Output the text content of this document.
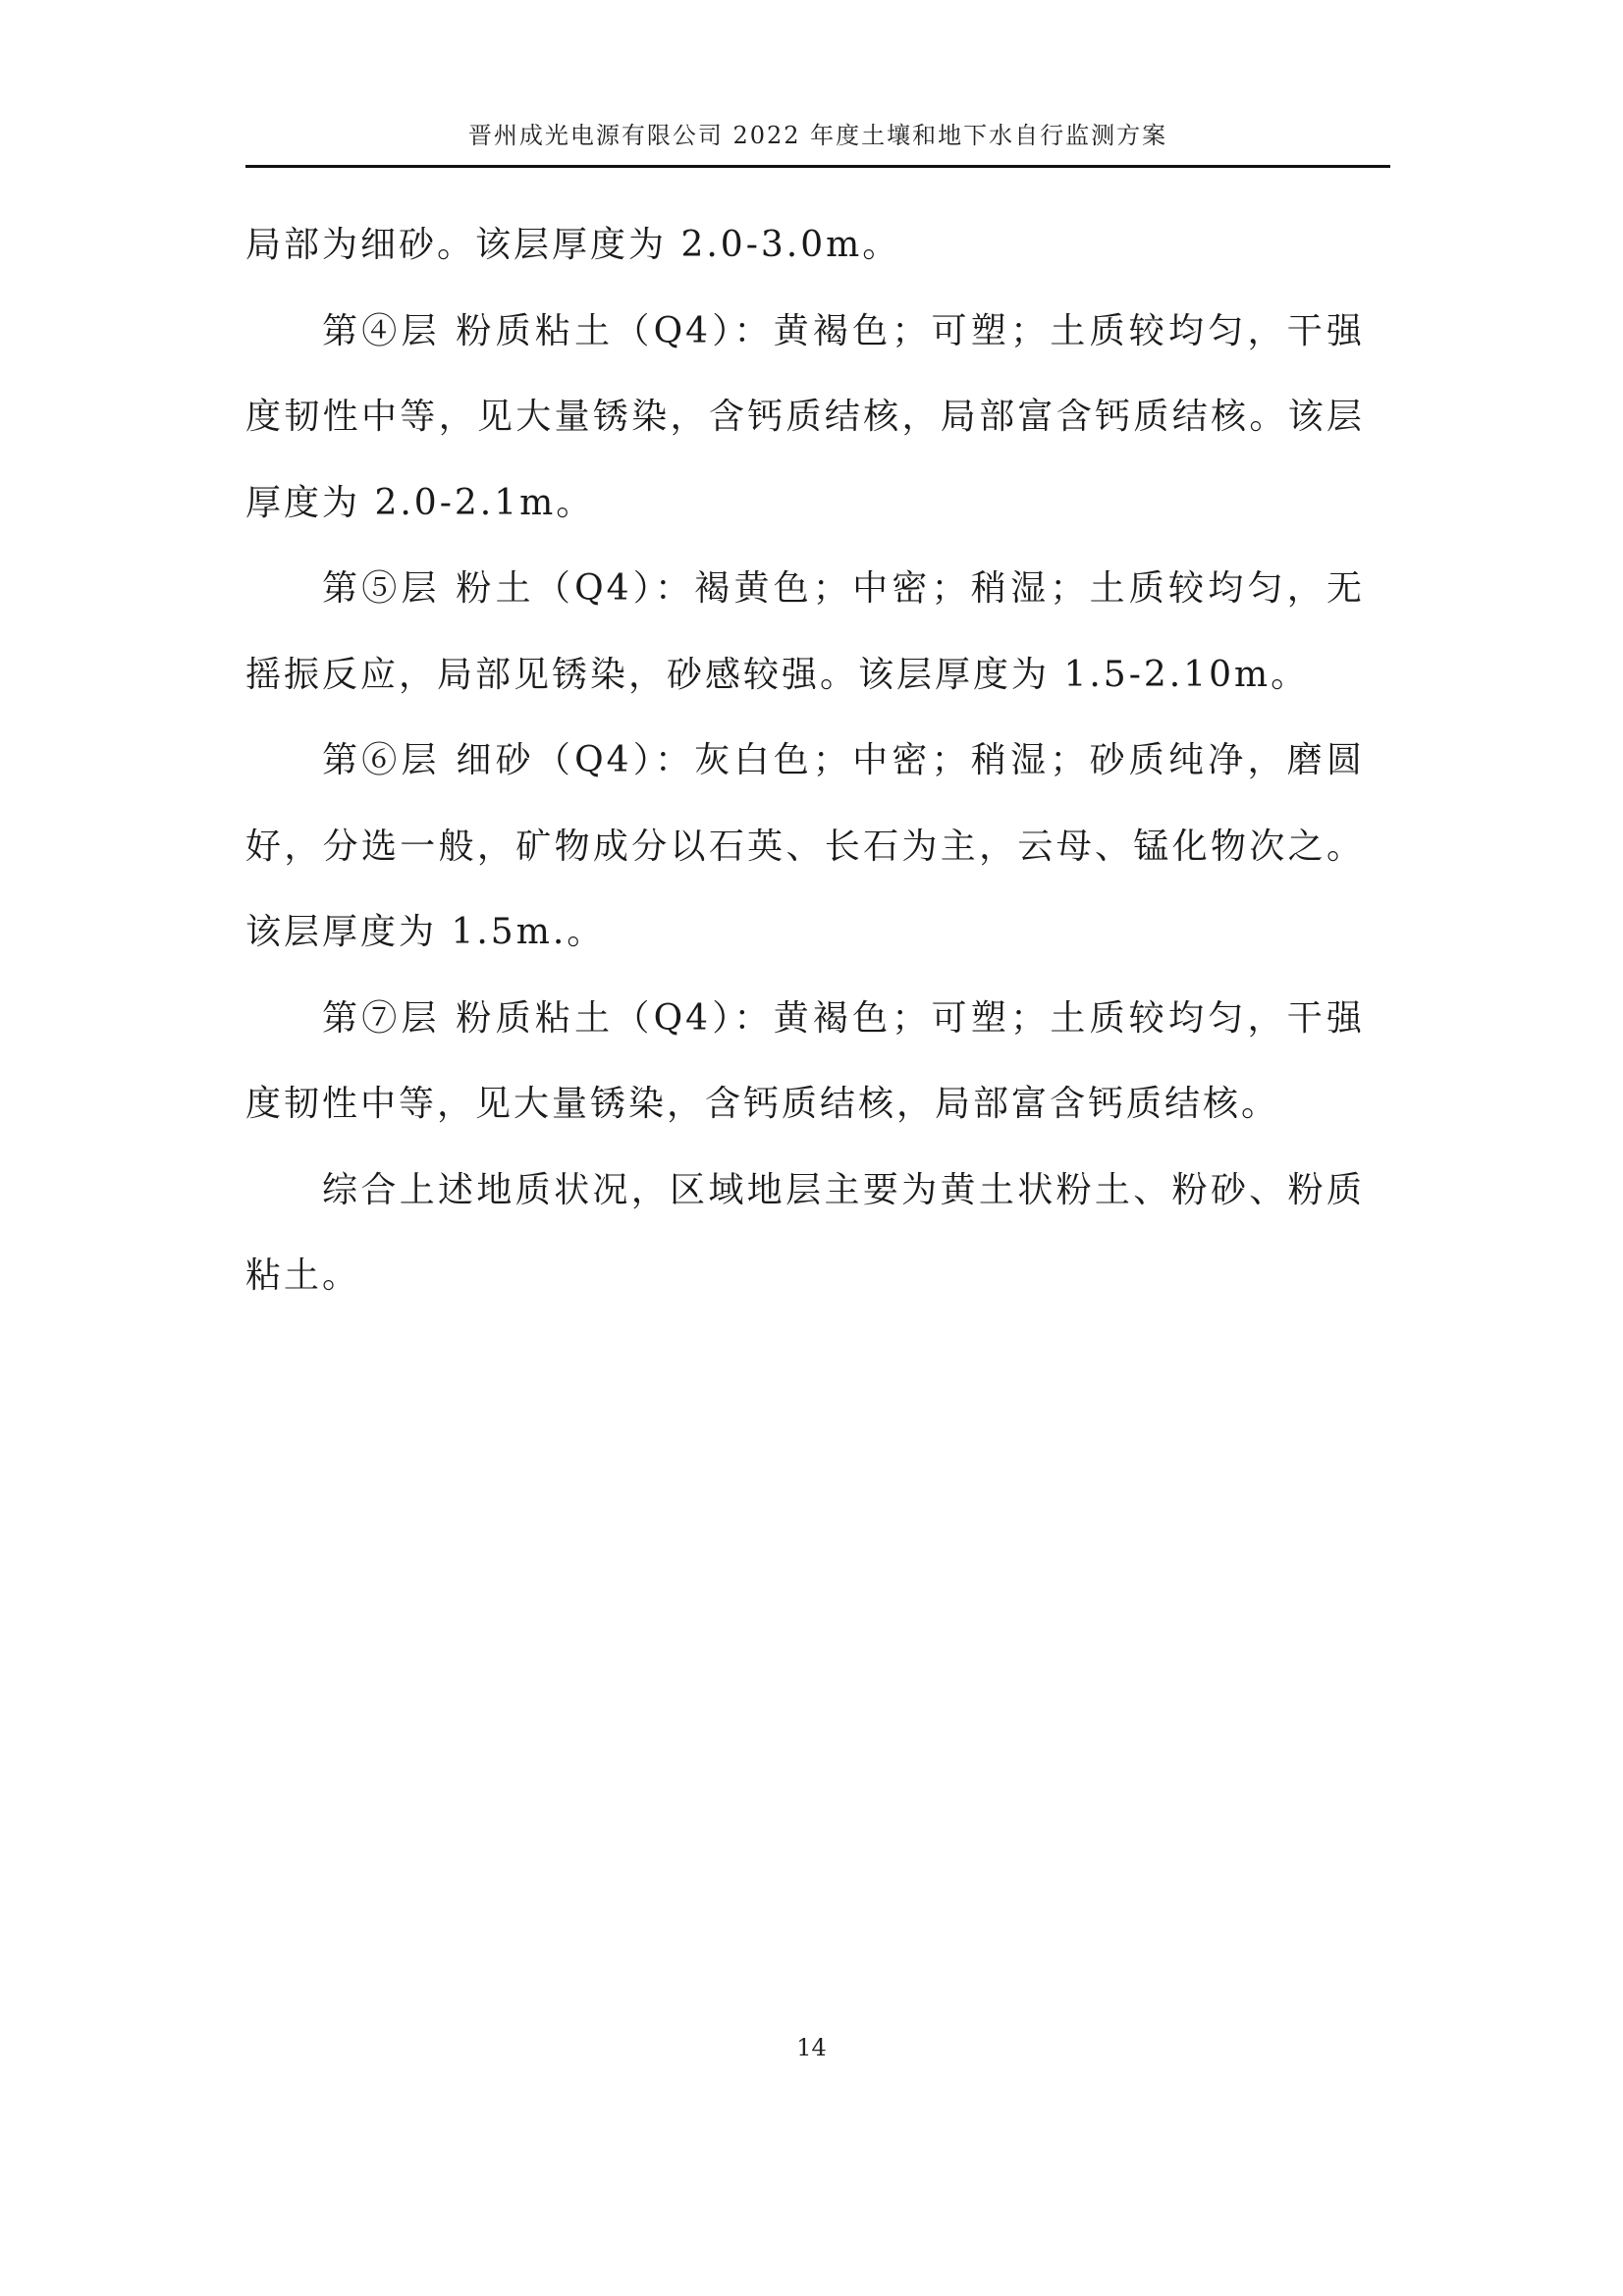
晋州成光电源有限公司 2022 年度土壤和地下水自行监测方案

局部为细砂。该层厚度为 2.0-3.0m。

第④层 粉质粘土（Q4）：黄褐色；可塑；土质较均匀，干强度韧性中等，见大量锈染，含钙质结核，局部富含钙质结核。该层厚度为 2.0-2.1m。

第⑤层 粉土（Q4）：褐黄色；中密；稍湿；土质较均匀，无摇振反应，局部见锈染，砂感较强。该层厚度为 1.5-2.10m。

第⑥层 细砂（Q4）：灰白色；中密；稍湿；砂质纯净，磨圆好，分选一般，矿物成分以石英、长石为主，云母、锰化物次之。该层厚度为 1.5m.。

第⑦层 粉质粘土（Q4）：黄褐色；可塑；土质较均匀，干强度韧性中等，见大量锈染，含钙质结核，局部富含钙质结核。

综合上述地质状况，区域地层主要为黄土状粉土、粉砂、粉质粘土。

14
